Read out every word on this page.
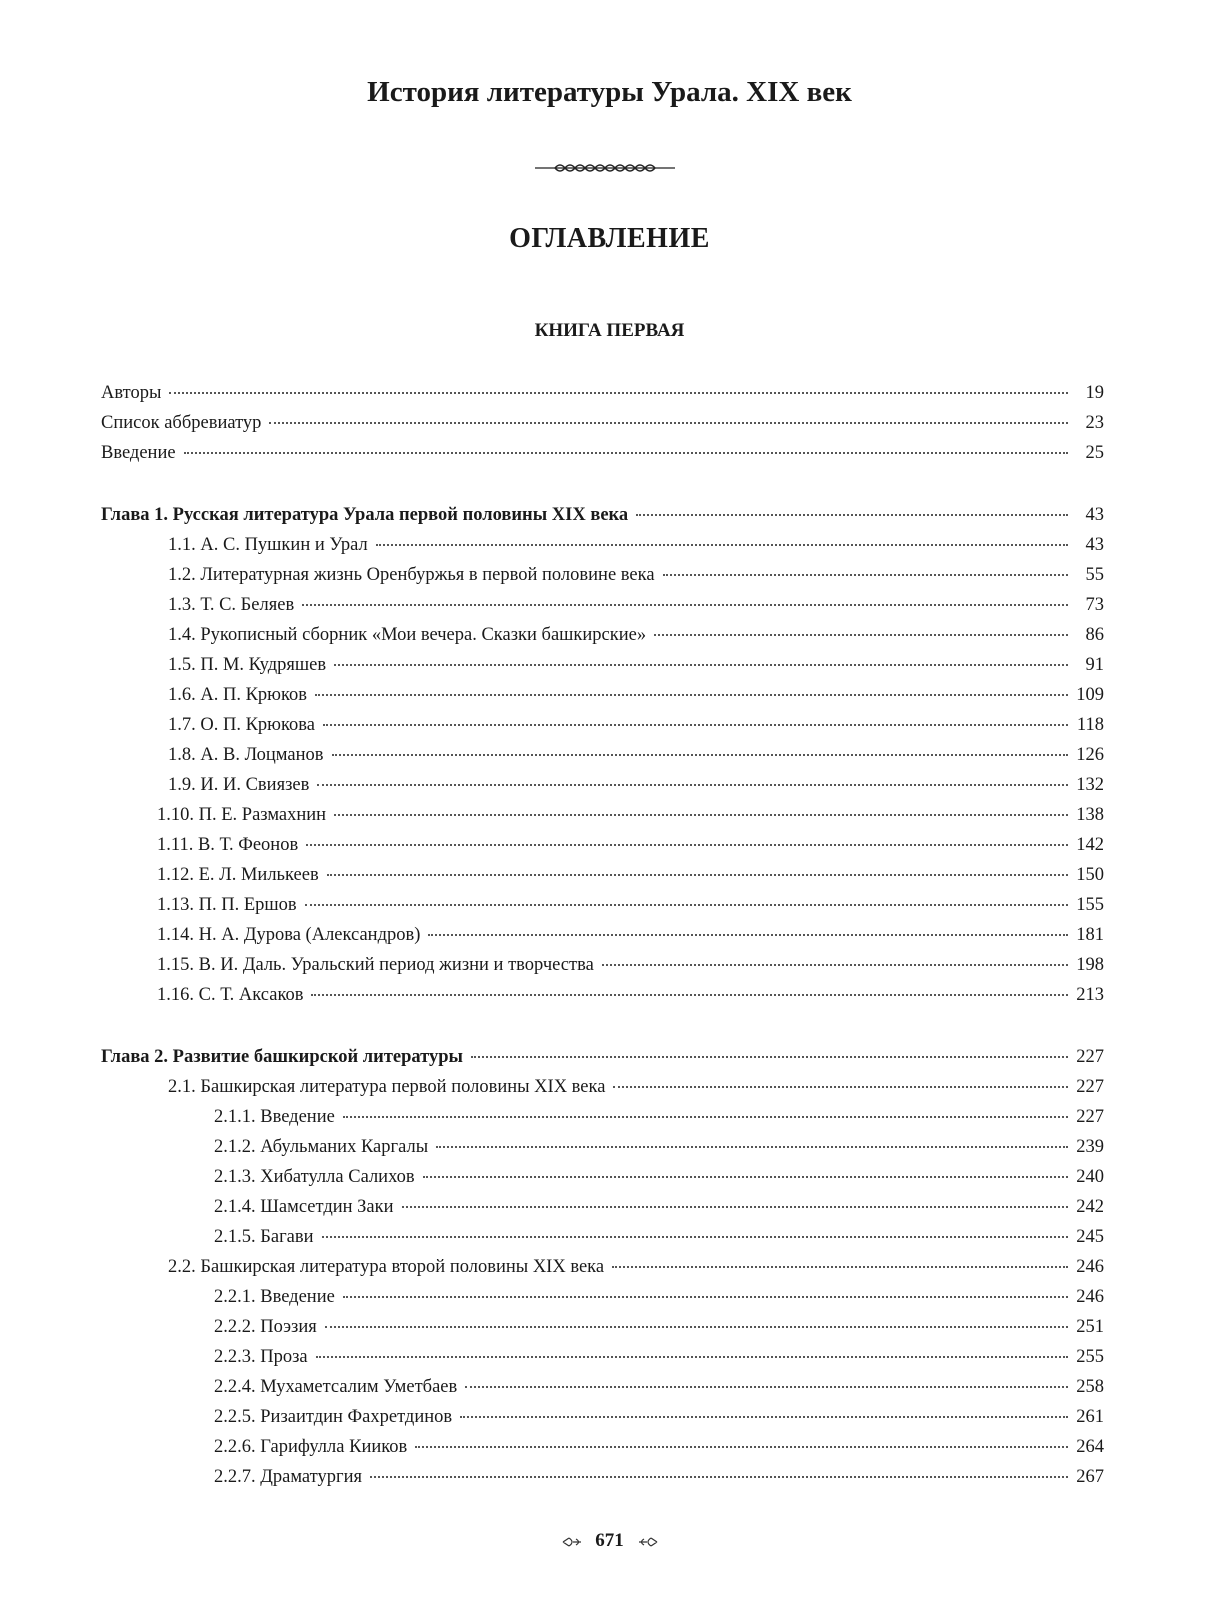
История литературы Урала. XIX век
ОГЛАВЛЕНИЕ
КНИГА ПЕРВАЯ
Авторы	19
Список аббревиатур	23
Введение	25
Глава 1. Русская литература Урала первой половины XIX века	43
1.1. А. С. Пушкин и Урал	43
1.2. Литературная жизнь Оренбуржья в первой половине века	55
1.3. Т. С. Беляев	73
1.4. Рукописный сборник «Мои вечера. Сказки башкирские»	86
1.5. П. М. Кудряшев	91
1.6. А. П. Крюков	109
1.7. О. П. Крюкова	118
1.8. А. В. Лоцманов	126
1.9. И. И. Свиязев	132
1.10. П. Е. Размахнин	138
1.11. В. Т. Феонов	142
1.12. Е. Л. Милькеев	150
1.13. П. П. Ершов	155
1.14. Н. А. Дурова (Александров)	181
1.15. В. И. Даль. Уральский период жизни и творчества	198
1.16. С. Т. Аксаков	213
Глава 2. Развитие башкирской литературы	227
2.1. Башкирская литература первой половины XIX века	227
2.1.1. Введение	227
2.1.2. Абульманих Каргалы	239
2.1.3. Хибатулла Салихов	240
2.1.4. Шамсетдин Заки	242
2.1.5. Багави	245
2.2. Башкирская литература второй половины XIX века	246
2.2.1. Введение	246
2.2.2. Поэзия	251
2.2.3. Проза	255
2.2.4. Мухаметсалим Уметбаев	258
2.2.5. Ризаитдин Фахретдинов	261
2.2.6. Гарифулла Кииков	264
2.2.7. Драматургия	267
671
